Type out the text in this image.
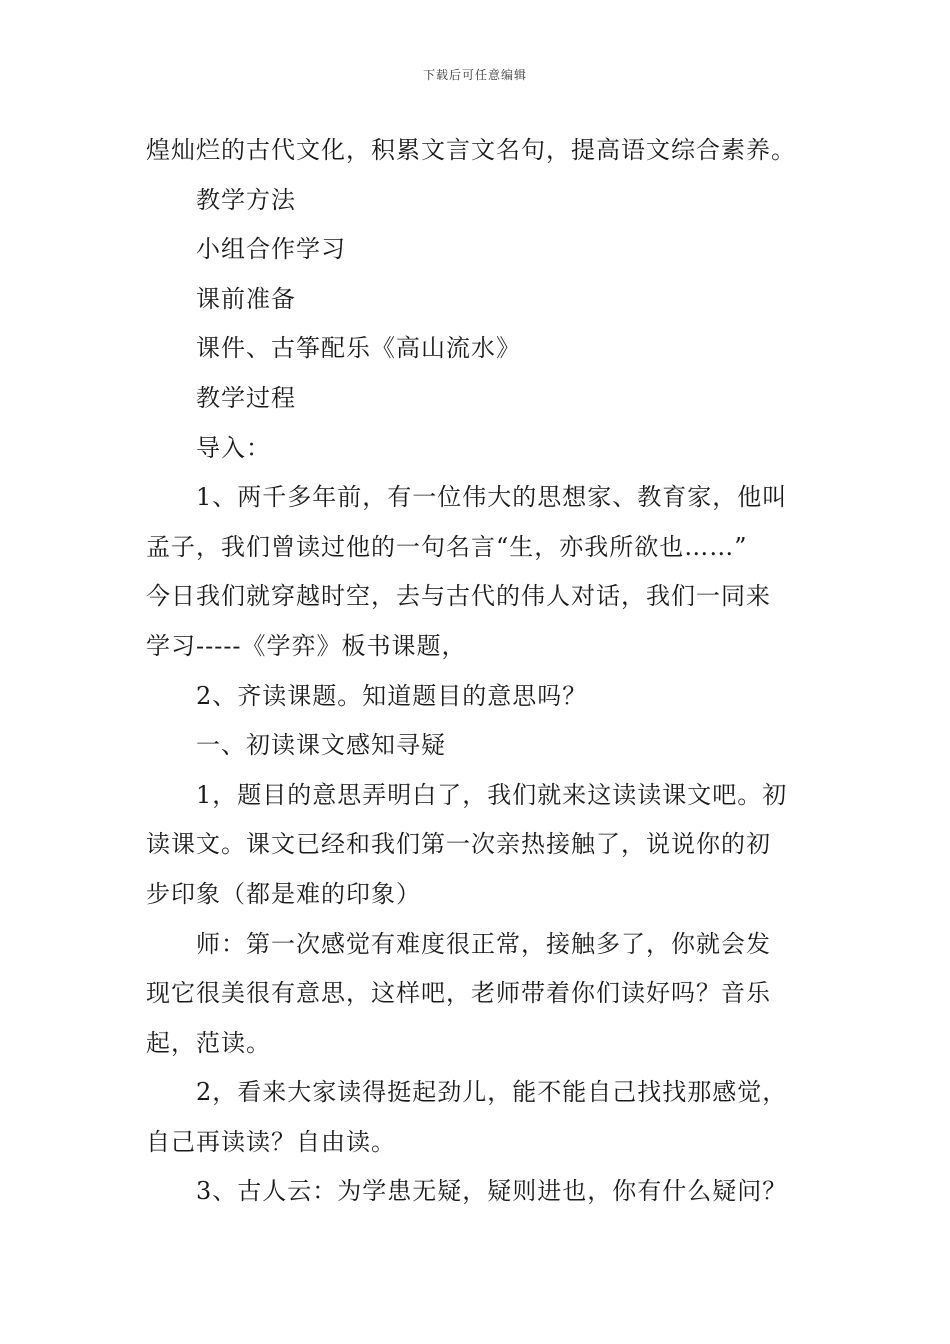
下载后可任意编辑
煌灿烂的古代文化，积累文言文名句，提高语文综合素养。
教学方法
小组合作学习
课前准备
课件、古筝配乐《高山流水》
教学过程
导入：
1、两千多年前，有一位伟大的思想家、教育家，他叫
孟子，我们曾读过他的一句名言“生，亦我所欲也……”
今日我们就穿越时空，去与古代的伟人对话，我们一同来
学习-----《学弈》板书课题，
2、齐读课题。知道题目的意思吗？
一、初读课文感知寻疑
1，题目的意思弄明白了，我们就来这读读课文吧。初
读课文。课文已经和我们第一次亲热接触了，说说你的初
步印象（都是难的印象）
师：第一次感觉有难度很正常，接触多了，你就会发
现它很美很有意思，这样吧，老师带着你们读好吗？音乐
起，范读。
2，看来大家读得挺起劲儿，能不能自己找找那感觉，
自己再读读？自由读。
3、古人云：为学患无疑，疑则进也，你有什么疑问？
